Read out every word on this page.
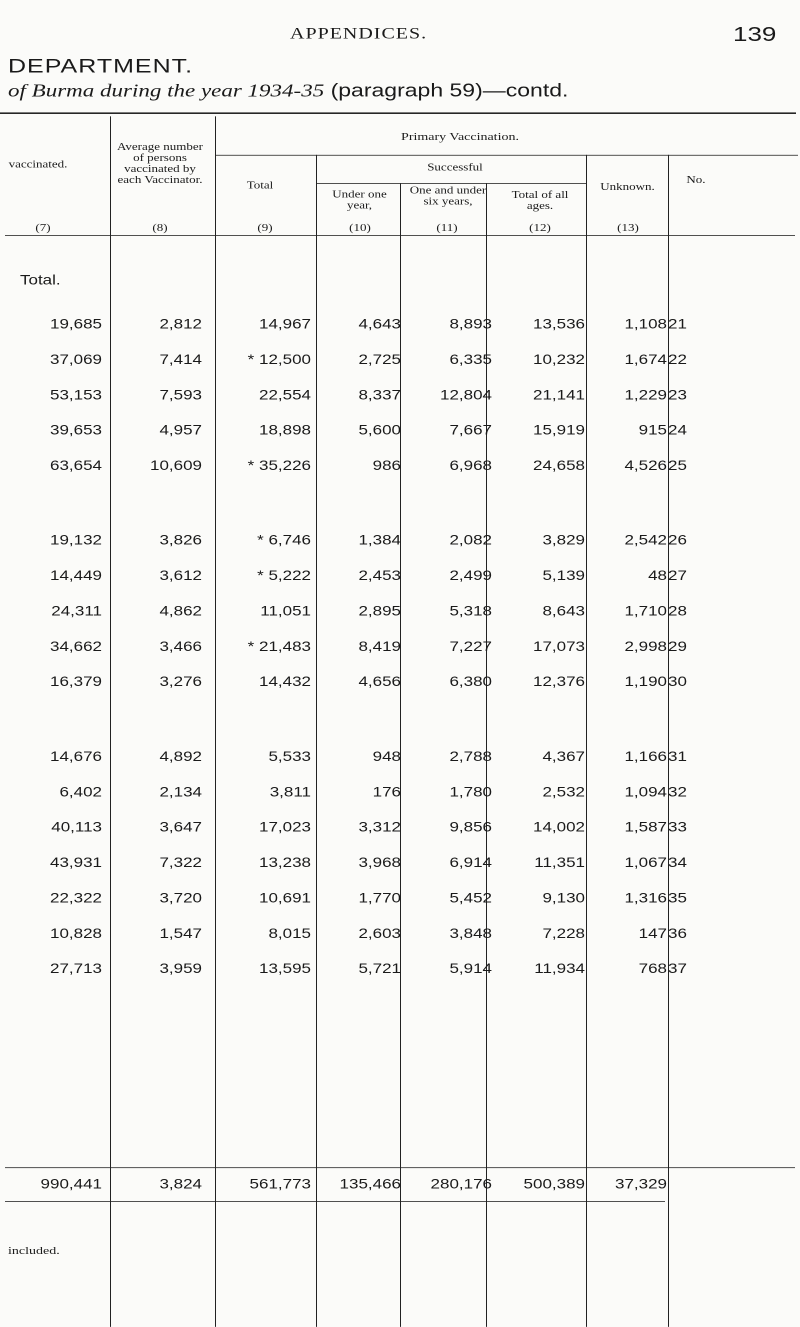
APPENDICES.	139
DEPARTMENT.
of Burma during the year 1934-35 (paragraph 59)—contd.
vaccinated.
(7)
Average number of persons vaccinated by each Vaccinator.
(8)
Primary Vaccination.
Total
(9)
Successful
Under one year,
(10)
One and under six years,
(11)
Total of all ages.
(12)
Unknown.
(13)
No.
Total.
19,685	2,812	14,967	4,643	8,893	13,536	1,108 21
37,069	7,414	* 12,500	2,725	6,335	10,232	1,674 22
53,153	7,593	22,554	8,337	12,804	21,141	1,229 23
39,653	4,957	18,898	5,600	7,667	15,919	915 24
63,654	10,609	* 35,226	986	6,968	24,658	4,526 25
19,132	3,826	* 6,746	1,384	2,082	3,829	2,542 26
14,449	3,612	* 5,222	2,453	2,499	5,139	48 27
24,311	4,862	11,051	2,895	5,318	8,643	1,710 28
34,662	3,466	* 21,483	8,419	7,227	17,073	2,998 29
16,379	3,276	14,432	4,656	6,380	12,376	1,190 30
14,676	4,892	5,533	948	2,788	4,367	1,166 31
6,402	2,134	3,811	176	1,780	2,532	1,094 32
40,113	3,647	17,023	3,312	9,856	14,002	1,587 33
43,931	7,322	13,238	3,968	6,914	11,351	1,067 34
22,322	3,720	10,691	1,770	5,452	9,130	1,316 35
10,828	1,547	8,015	2,603	3,848	7,228	147 36
27,713	3,959	13,595	5,721	5,914	11,934	768 37
990,441	3,824	561,773	135,466	280,176	500,389	37,329
included.
